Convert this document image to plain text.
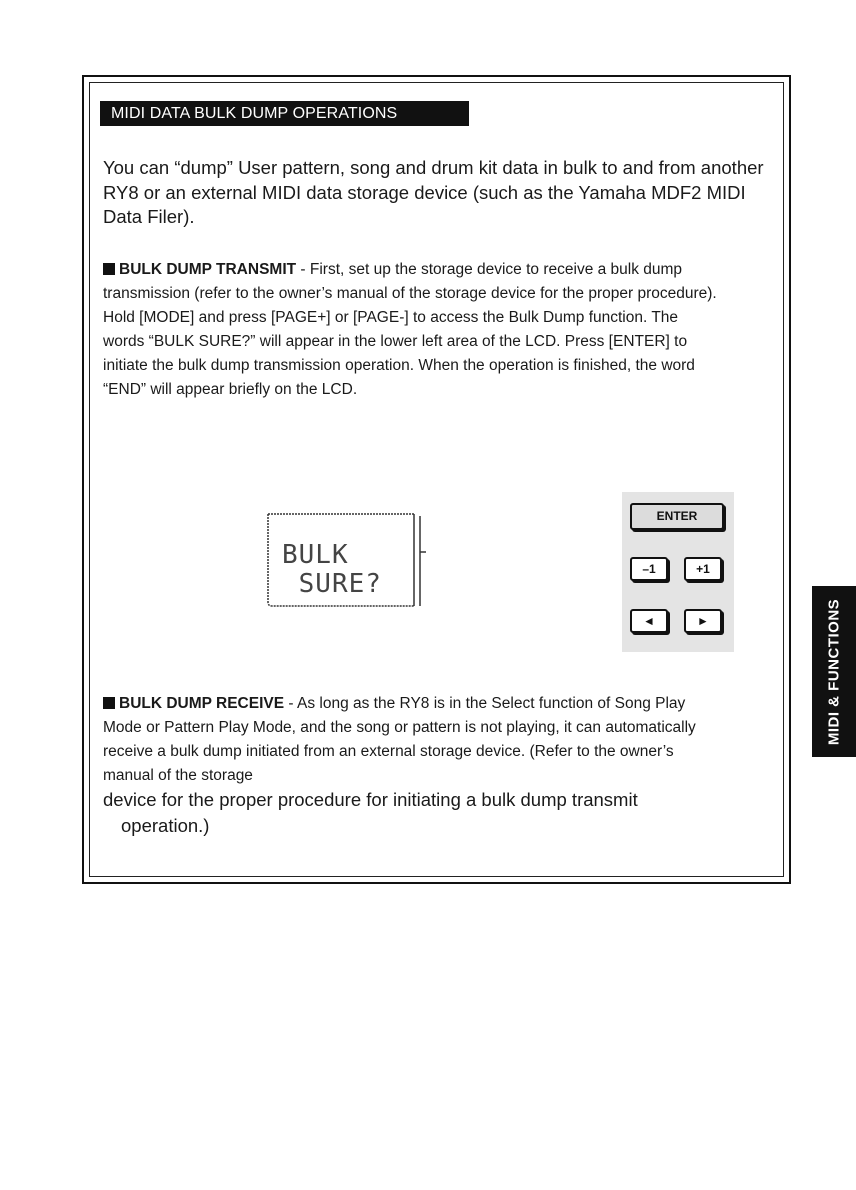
MIDI DATA BULK DUMP OPERATIONS

You can “dump” User pattern, song and drum kit data in bulk to and from another RY8 or an external MIDI data storage device (such as the Yamaha MDF2 MIDI Data Filer).

BULK DUMP TRANSMIT - First, set up the storage device to receive a bulk dump transmission (refer to the owner’s manual of the storage device for the proper procedure). Hold [MODE] and press [PAGE+] or [PAGE-] to access the Bulk Dump function. The words “BULK SURE?” will appear in the lower left area of the LCD. Press [ENTER] to initiate the bulk dump transmission operation. When the operation is finished, the word “END” will appear briefly on the LCD.

BULK
SURE?
ENTER
–1	+1
◄	►

BULK DUMP RECEIVE - As long as the RY8 is in the Select function of Song Play Mode or Pattern Play Mode, and the song or pattern is not playing, it can automatically receive a bulk dump initiated from an external storage device. (Refer to the owner’s manual of the storage
device for the proper procedure for initiating a bulk dump transmit
operation.)

MIDI & FUNCTIONS
